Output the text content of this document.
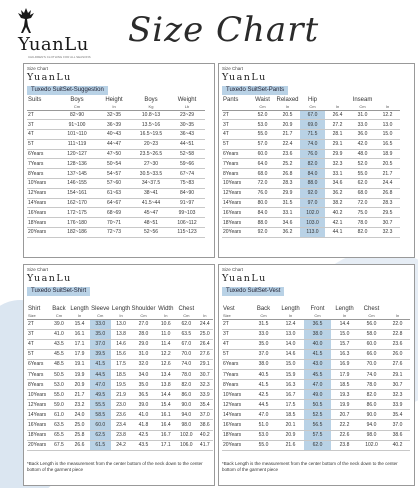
YuanLu
CHILDREN'S CLOTHING FOR ALL SEASONS
Size Chart
Size Chart
YuanLu
Tuxedo SuitSet-Suggestion
Suits	Boys	Height	Boys	Weight
	Cm	In	Kg	Lb
2T	82~90	32~35	10.8~13	23~29
3T	91~100	36~39	13.5~16	30~35
4T	101~110	40~43	16.5~19.5	36~43
5T	111~119	44~47	20~23	44~51
6Years	120~127	47~50	23.5~26.5	52~58
7Years	128~136	50~54	27~30	59~66
8Years	137~145	54~57	30.5~33.5	67~74
10Years	146~155	57~60	34~37.5	75~83
12Years	154~161	61~63	38~41	84~90
14Years	162~170	64~67	41.5~44	91~97
16Years	172~175	68~69	45~47	99~103
18Years	176~180	70~71	48~51	106~112
20Years	182~186	72~73	52~56	115~123
Size Chart
YuanLu
Tuxedo SuitSet-Pants
Pants	Waist	Relaxed	Hip		Inseam	
	Cm	In	Cm	In	Cm	In
2T	52.0	20.5	67.0	26.4	31.0	12.2
3T	53.0	20.9	69.0	27.2	33.0	13.0
4T	55.0	21.7	71.5	28.1	36.0	15.0
5T	57.0	22.4	74.0	29.1	42.0	16.5
6Years	60.0	23.6	76.0	29.9	48.0	18.9
7Years	64.0	25.2	82.0	32.3	52.0	20.5
8Years	68.0	26.8	84.0	33.1	55.0	21.7
10Years	72.0	28.3	88.0	34.6	62.0	24.4
12Years	76.0	29.9	92.0	36.2	68.0	26.8
14Years	80.0	31.5	97.0	38.2	72.0	28.3
16Years	84.0	33.1	102.0	40.2	75.0	29.5
18Years	88.0	34.6	103.0	42.1	78.0	30.7
20Years	92.0	36.2	113.0	44.1	82.0	32.3
Size Chart
YuanLu
Tuxedo SuitSet-Shirt
Shirt	Back	Length	Sleeve	Length	Shoulder	Width	Chest	
Size	Cm	In	Cm	In	Cm	In	Cm	In
2T	39.0	15.4	33.0	13.0	27.0	10.6	62.0	24.4
3T	41.0	16.1	35.0	13.8	28.0	11.0	63.5	25.0
4T	43.5	17.1	37.0	14.6	29.0	11.4	67.0	26.4
5T	45.5	17.9	39.5	15.6	31.0	12.2	70.0	27.6
6Years	48.5	19.1	41.5	17.5	32.0	12.6	74.0	29.1
7Years	50.5	19.9	44.5	18.5	34.0	13.4	78.0	30.7
8Years	53.0	20.9	47.0	19.5	35.0	13.8	82.0	32.3
10Years	55.0	21.7	49.5	21.9	36.5	14.4	86.0	33.9
12Years	59.0	23.2	55.5	23.0	39.0	15.4	90.0	35.4
14Years	61.0	24.0	58.5	23.6	41.0	16.1	94.0	37.0
16Years	63.5	25.0	60.0	23.4	41.8	16.4	98.0	38.6
18Years	65.5	25.8	62.5	23.8	42.5	16.7	102.0	40.2
20Years	67.5	26.6	61.5	24.2	43.5	17.1	106.0	41.7
*Back Length is the measurement from the center bottom of the neck down to the center bottom of the garment piece
Size Chart
YuanLu
Tuxedo SuitSet-Vest
Vest	Back	Length	Front	Length	Chest	
Size	Cm	In	Cm	In	Cm	In
2T	31.5	12.4	36.5	14.4	56.0	22.0
3T	33.0	13.0	38.0	15.0	58.0	22.8
4T	35.0	14.0	40.0	15.7	60.0	23.6
5T	37.0	14.6	41.5	16.3	66.0	26.0
6Years	38.0	15.0	43.0	16.9	70.0	27.6
7Years	40.5	15.9	45.5	17.9	74.0	29.1
8Years	41.5	16.3	47.0	18.5	78.0	30.7
10Years	42.5	16.7	49.0	19.3	82.0	32.3
12Years	44.5	17.5	50.5	19.9	86.0	33.9
14Years	47.0	18.5	52.5	20.7	90.0	35.4
16Years	51.0	20.1	56.5	22.2	94.0	37.0
18Years	53.0	20.9	57.5	22.6	98.0	38.6
20Years	55.0	21.6	62.0	23.8	102.0	40.2
*Back Length is the measurement from the center bottom of the neck down to the center bottom of the garment piece
